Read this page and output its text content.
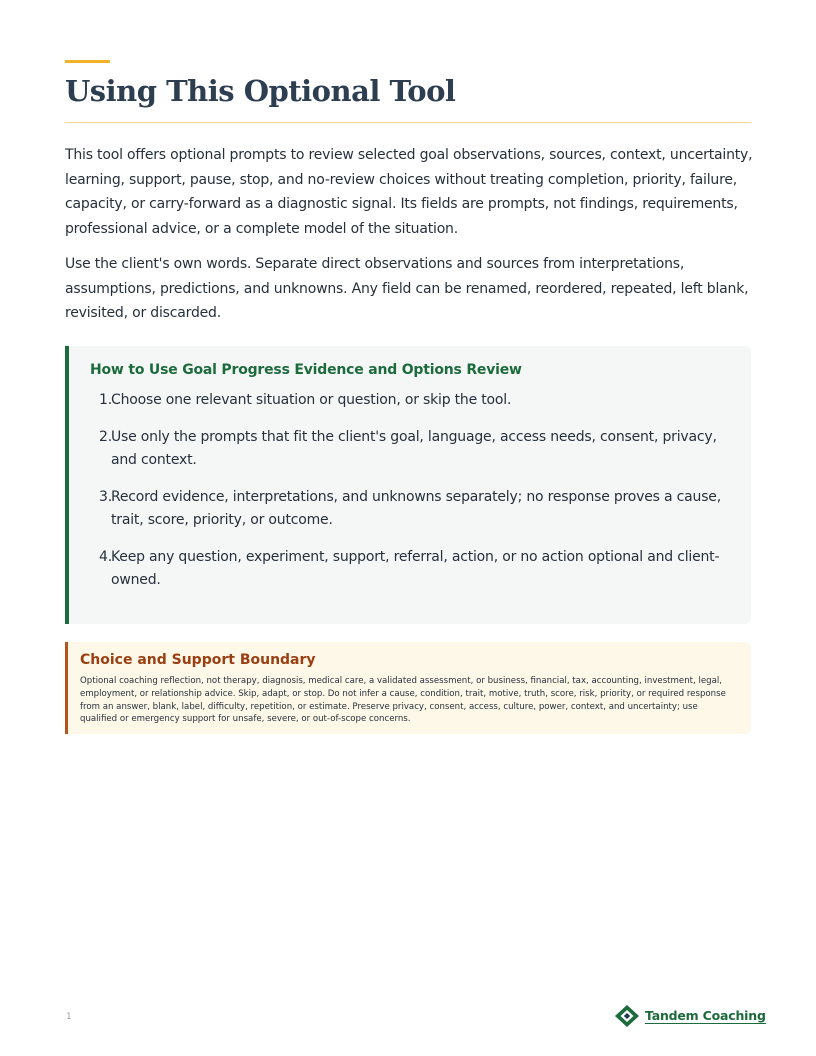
Using This Optional Tool

This tool offers optional prompts to review selected goal observations, sources, context, uncertainty, learning, support, pause, stop, and no-review choices without treating completion, priority, failure, capacity, or carry-forward as a diagnostic signal. Its fields are prompts, not findings, requirements, professional advice, or a complete model of the situation.

Use the client's own words. Separate direct observations and sources from interpretations, assumptions, predictions, and unknowns. Any field can be renamed, reordered, repeated, left blank, revisited, or discarded.

How to Use Goal Progress Evidence and Options Review
1. Choose one relevant situation or question, or skip the tool.
2. Use only the prompts that fit the client's goal, language, access needs, consent, privacy, and context.
3. Record evidence, interpretations, and unknowns separately; no response proves a cause, trait, score, priority, or outcome.
4. Keep any question, experiment, support, referral, action, or no action optional and client-owned.
Choice and Support Boundary

Optional coaching reflection, not therapy, diagnosis, medical care, a validated assessment, or business, financial, tax, accounting, investment, legal, employment, or relationship advice. Skip, adapt, or stop. Do not infer a cause, condition, trait, motive, truth, score, risk, priority, or required response from an answer, blank, label, difficulty, repetition, or estimate. Preserve privacy, consent, access, culture, power, context, and uncertainty; use qualified or emergency support for unsafe, severe, or out-of-scope concerns.

1	Tandem Coaching
